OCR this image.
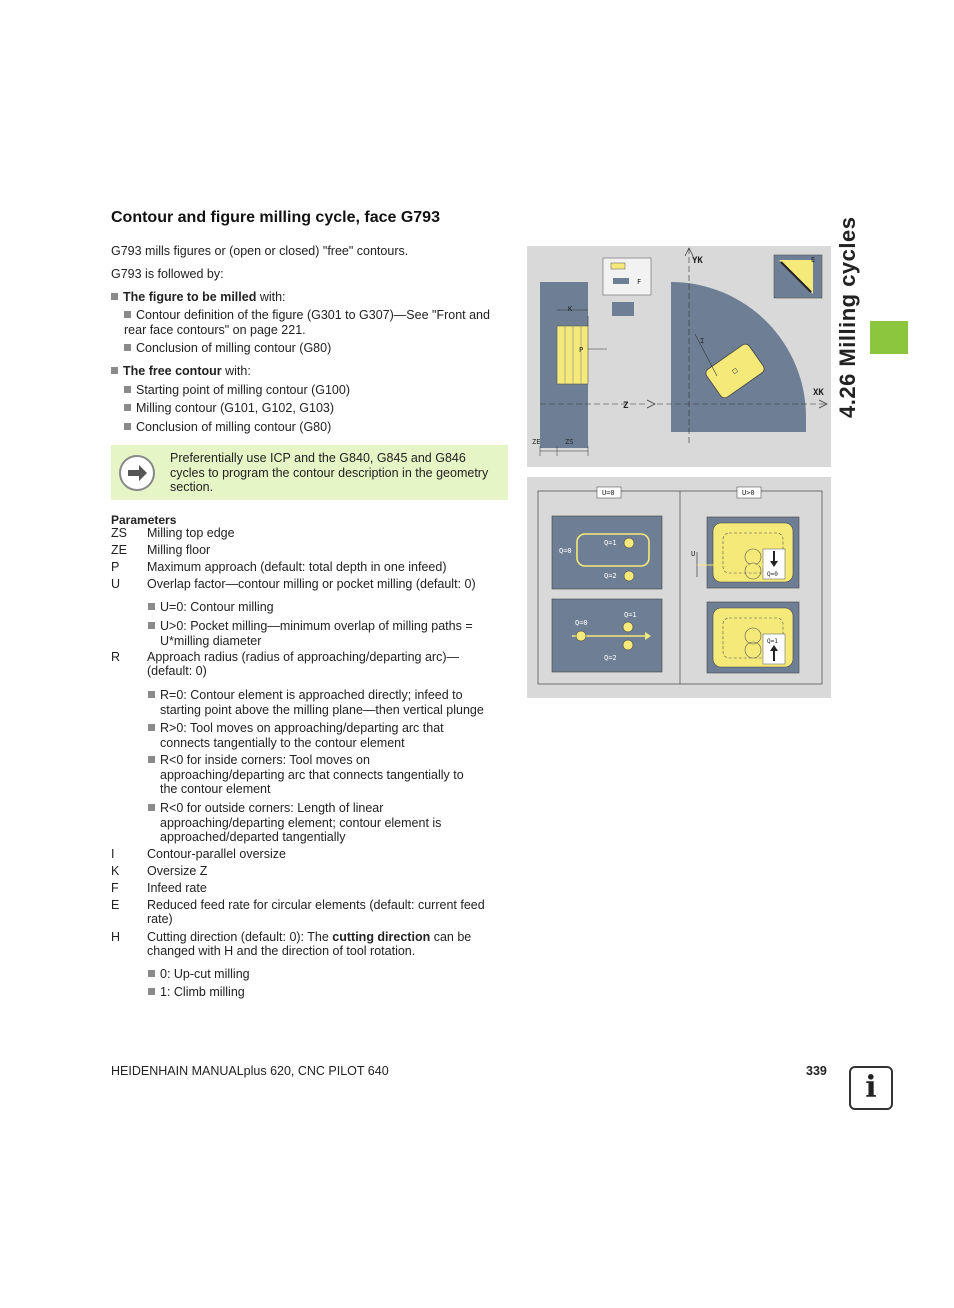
4.26 Milling cycles
Contour and figure milling cycle, face G793
G793 mills figures or (open or closed) "free" contours.
G793 is followed by:
The figure to be milled with:
Contour definition of the figure (G301 to G307)—See "Front and rear face contours" on page 221.
Conclusion of milling contour (G80)
The free contour with:
Starting point of milling contour (G100)
Milling contour (G101, G102, G103)
Conclusion of milling contour (G80)
Preferentially use ICP and the G840, G845 and G846 cycles to program the contour description in the geometry section.
Parameters
ZS	Milling top edge
ZE	Milling floor
P	Maximum approach (default: total depth in one infeed)
U	Overlap factor—contour milling or pocket milling (default: 0)
U=0: Contour milling
U>0: Pocket milling—minimum overlap of milling paths = U*milling diameter
R	Approach radius (radius of approaching/departing arc)—(default: 0)
R=0: Contour element is approached directly; infeed to starting point above the milling plane—then vertical plunge
R>0: Tool moves on approaching/departing arc that connects tangentially to the contour element
R<0 for inside corners: Tool moves on approaching/departing arc that connects tangentially to the contour element
R<0 for outside corners: Length of linear approaching/departing element; contour element is approached/departed tangentially
I	Contour-parallel oversize
K	Oversize Z
F	Infeed rate
E	Reduced feed rate for circular elements (default: current feed rate)
H	Cutting direction (default: 0): The cutting direction can be changed with H and the direction of tool rotation.
0: Up-cut milling
1: Climb milling
K
P
Z
ZE	ZS
F
YK
XK
I
E
U=0	U>0
Q=0
Q=1
Q=2
Q=0
Q=1
Q=2
Q=0
U
Q=1
HEIDENHAIN MANUALplus 620, CNC PILOT 640	339	i
